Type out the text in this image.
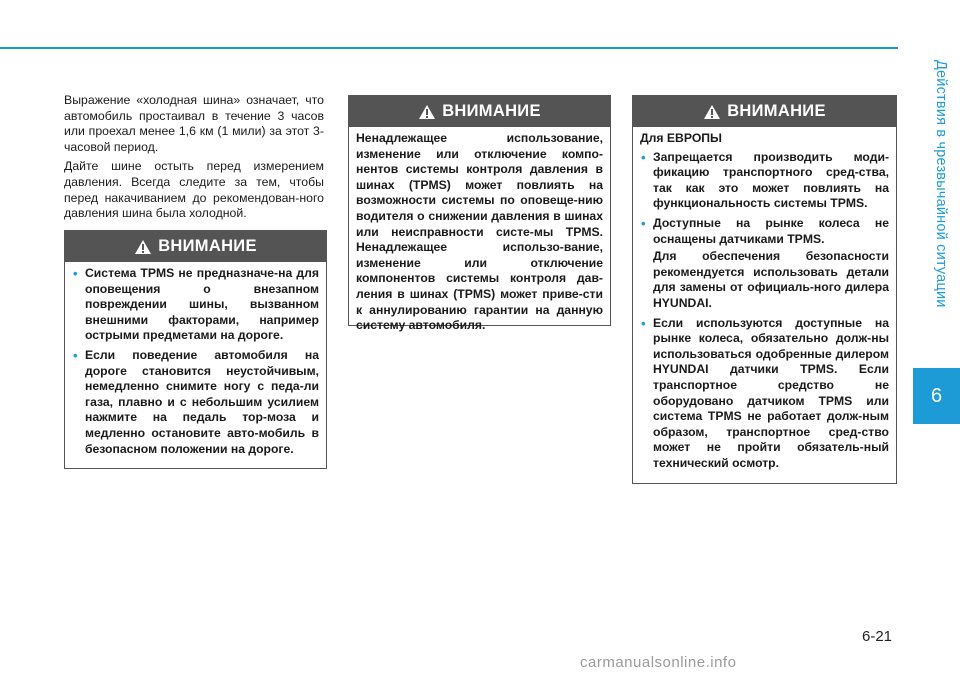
Действия в чрезвычайной ситуации
6

Выражение «холодная шина» означает, что автомобиль простаивал в течение 3 часов или проехал менее 1,6 км (1 мили) за этот 3-часовой период.

Дайте шине остыть перед измерением давления. Всегда следите за тем, чтобы перед накачиванием до рекомендован-ного давления шина была холодной.

ВНИМАНИЕ
• Система TPMS не предназначе-на для оповещения о внезапном повреждении шины, вызванном внешними факторами, например острыми предметами на дороге.
• Если поведение автомобиля на дороге становится неустойчивым, немедленно снимите ногу с педа-ли газа, плавно и с небольшим усилием нажмите на педаль тор-моза и медленно остановите авто-мобиль в безопасном положении на дороге.
ВНИМАНИЕ

Ненадлежащее использование, изменение или отключение компо-нентов системы контроля давления в шинах (TPMS) может повлиять на возможности системы по оповеще-нию водителя о снижении давления в шинах или неисправности систе-мы TPMS. Ненадлежащее использо-вание, изменение или отключение компонентов системы контроля дав-ления в шинах (TPMS) может приве-сти к аннулированию гарантии на данную систему автомобиля.

ВНИМАНИЕ

Для ЕВРОПЫ

• Запрещается производить моди-фикацию транспортного сред-ства, так как это может повлиять на функциональность системы TPMS.
• Доступные на рынке колеса не оснащены датчиками TPMS.

Для обеспечения безопасности рекомендуется использовать детали для замены от официаль-ного дилера HYUNDAI.

• Если используются доступные на рынке колеса, обязательно долж-ны использоваться одобренные дилером HYUNDAI датчики TPMS. Если транспортное средство не оборудовано датчиком TPMS или система TPMS не работает долж-ным образом, транспортное сред-ство может не пройти обязатель-ный технический осмотр.
6-21
carmanualsonline.info
